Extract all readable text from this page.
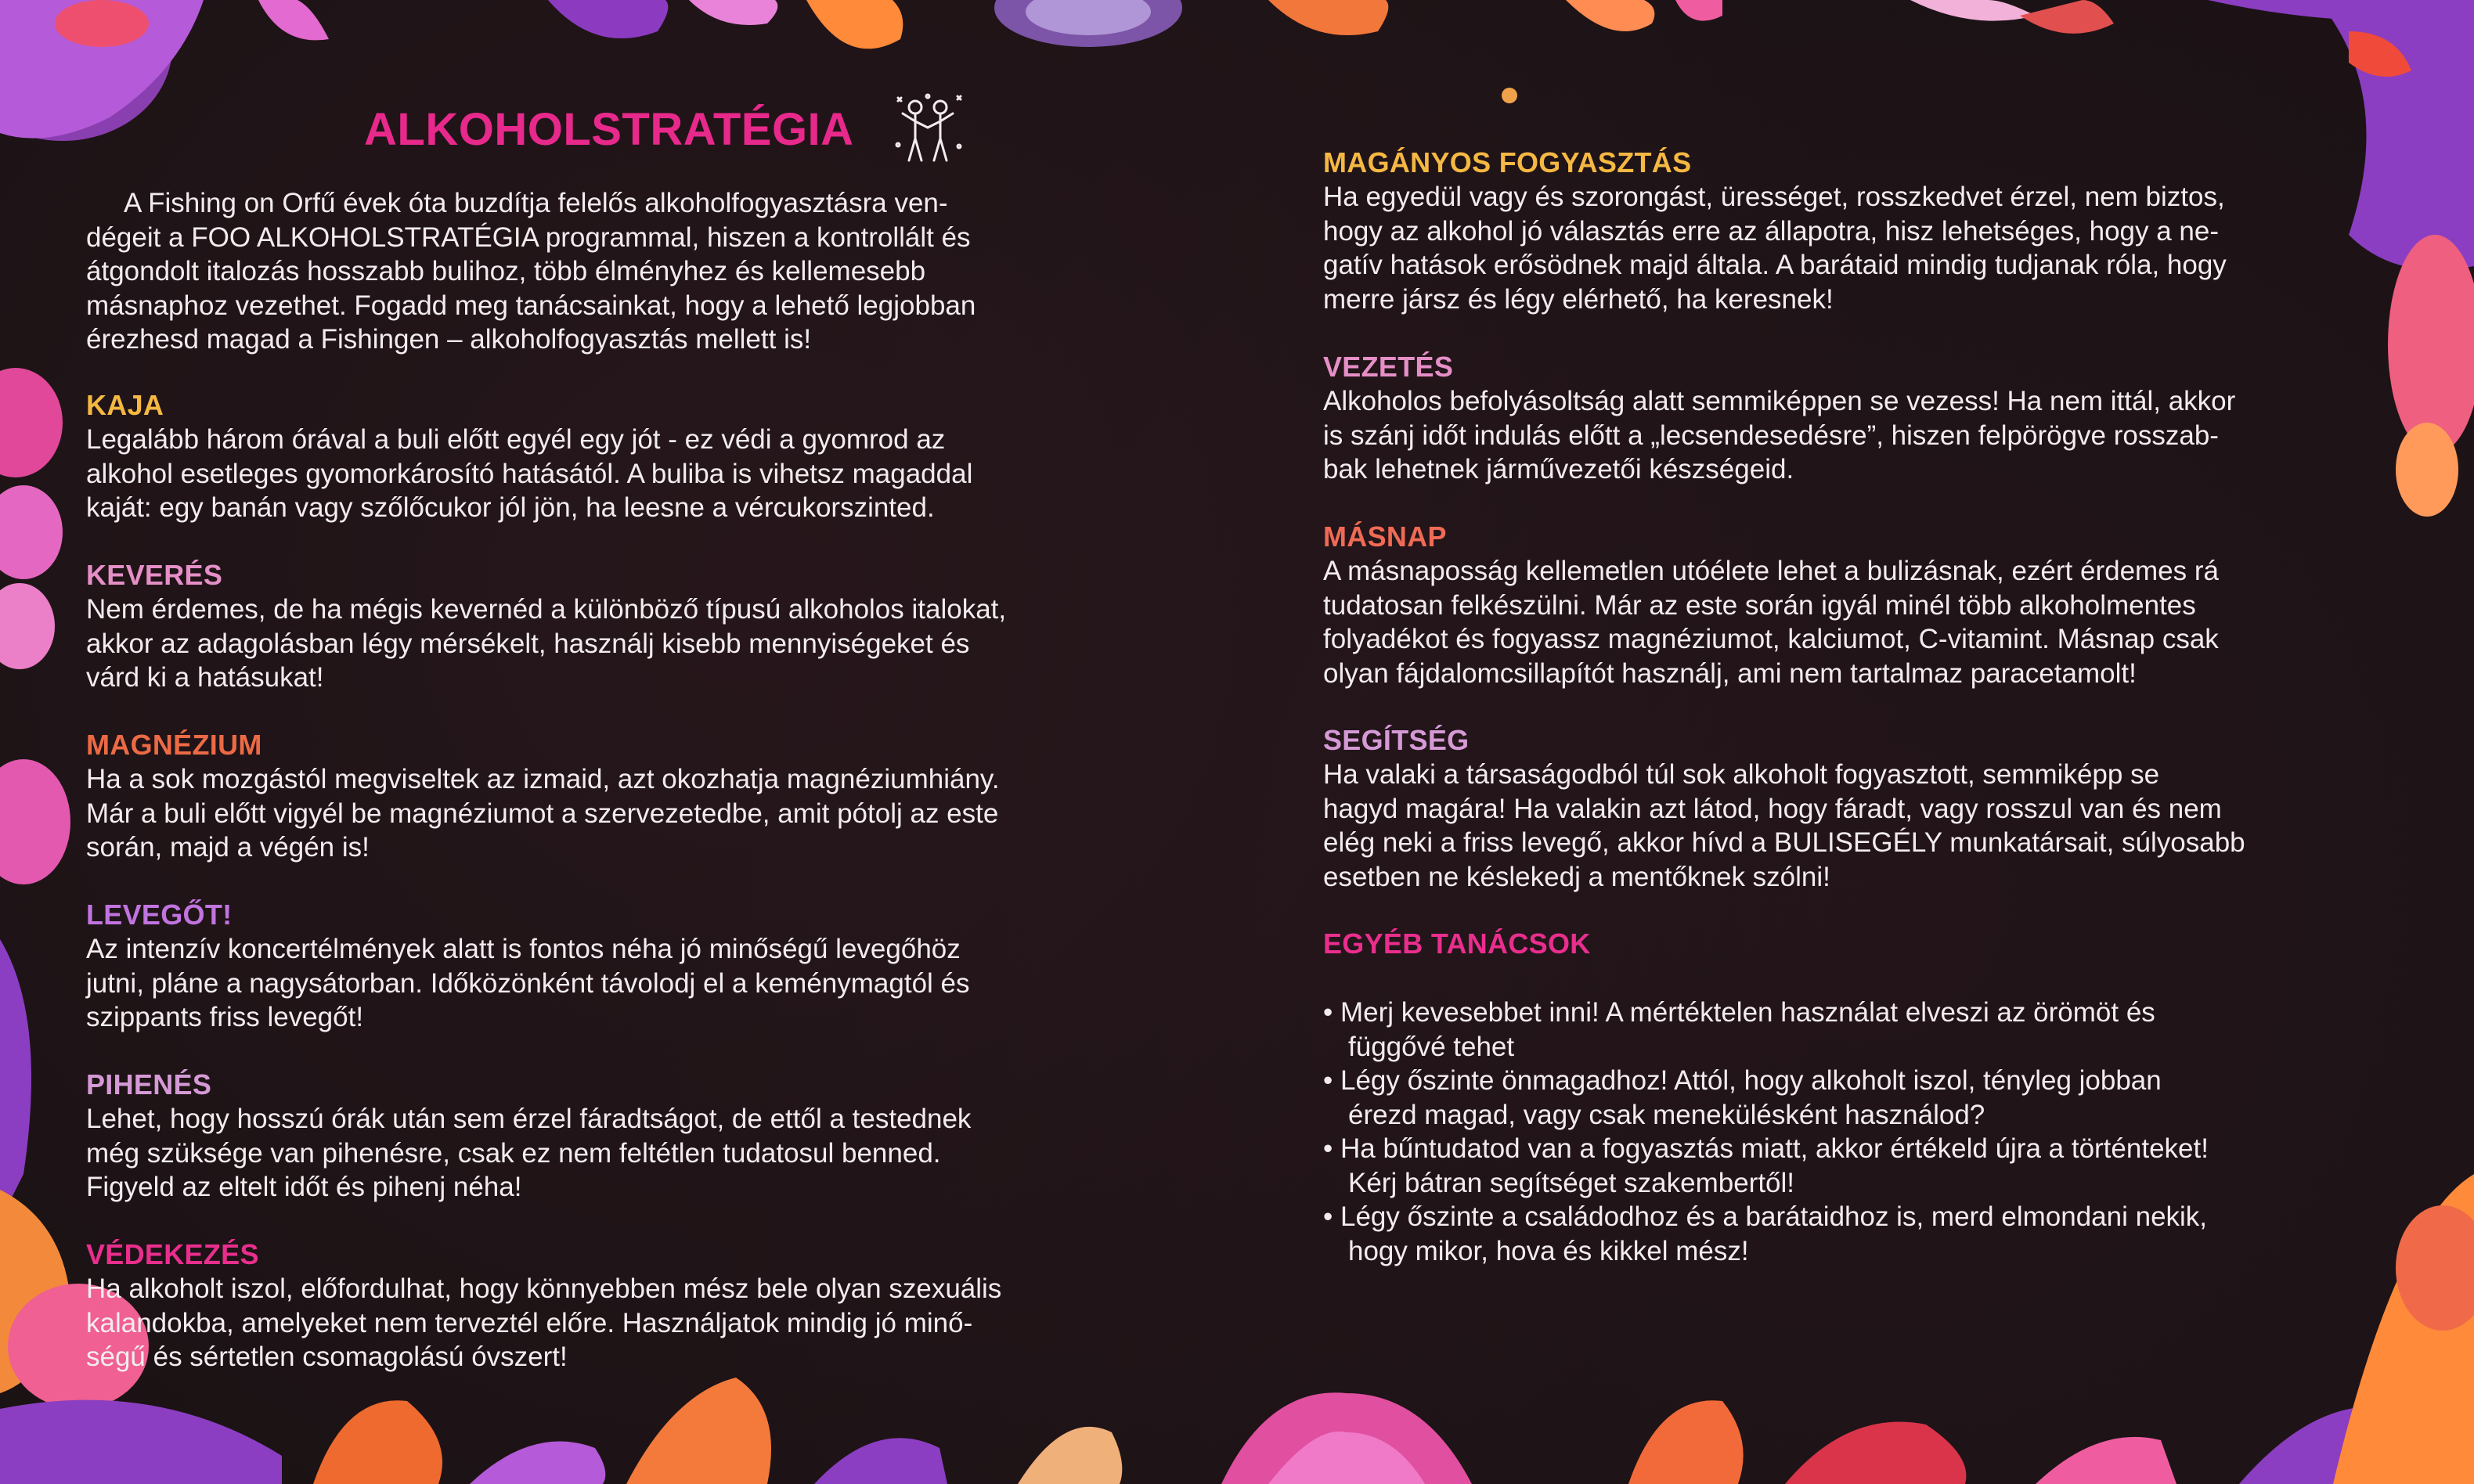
ALKOHOLSTRATÉGIA
A Fishing on Orfű évek óta buzdítja felelős alkoholfogyasztásra ven-
dégeit a FOO ALKOHOLSTRATÉGIA programmal, hiszen a kontrollált és
átgondolt italozás hosszabb bulihoz, több élményhez és kellemesebb
másnaphoz vezethet. Fogadd meg tanácsainkat, hogy a lehető legjobban
érezhesd magad a Fishingen – alkoholfogyasztás mellett is!
KAJA

Legalább három órával a buli előtt egyél egy jót - ez védi a gyomrod az

alkohol esetleges gyomorkárosító hatásától. A buliba is vihetsz magaddal

kaját: egy banán vagy szőlőcukor jól jön, ha leesne a vércukorszinted.

KEVERÉS

Nem érdemes, de ha mégis kevernéd a különböző típusú alkoholos italokat,

akkor az adagolásban légy mérsékelt, használj kisebb mennyiségeket és

várd ki a hatásukat!

MAGNÉZIUM

Ha a sok mozgástól megviseltek az izmaid, azt okozhatja magnéziumhiány.

Már a buli előtt vigyél be magnéziumot a szervezetedbe, amit pótolj az este

során, majd a végén is!

LEVEGŐT!

Az intenzív koncertélmények alatt is fontos néha jó minőségű levegőhöz

jutni, pláne a nagysátorban. Időközönként távolodj el a keménymagtól és

szippants friss levegőt!

PIHENÉS

Lehet, hogy hosszú órák után sem érzel fáradtságot, de ettől a testednek

még szüksége van pihenésre, csak ez nem feltétlen tudatosul benned.

Figyeld az eltelt időt és pihenj néha!

VÉDEKEZÉS

Ha alkoholt iszol, előfordulhat, hogy könnyebben mész bele olyan szexuális

kalandokba, amelyeket nem terveztél előre. Használjatok mindig jó minő-

ségű és sértetlen csomagolású óvszert!

MAGÁNYOS FOGYASZTÁS

Ha egyedül vagy és szorongást, ürességet, rosszkedvet érzel, nem biztos,

hogy az alkohol jó választás erre az állapotra, hisz lehetséges, hogy a ne-

gatív hatások erősödnek majd általa. A barátaid mindig tudjanak róla, hogy

merre jársz és légy elérhető, ha keresnek!

VEZETÉS

Alkoholos befolyásoltság alatt semmiképpen se vezess! Ha nem ittál, akkor

is szánj időt indulás előtt a „lecsendesedésre”, hiszen felpörögve rosszab-

bak lehetnek járművezetői készségeid.

MÁSNAP

A másnaposság kellemetlen utóélete lehet a bulizásnak, ezért érdemes rá

tudatosan felkészülni. Már az este során igyál minél több alkoholmentes

folyadékot és fogyassz magnéziumot, kalciumot, C-vitamint. Másnap csak

olyan fájdalomcsillapítót használj, ami nem tartalmaz paracetamolt!

SEGÍTSÉG

Ha valaki a társaságodból túl sok alkoholt fogyasztott, semmiképp se

hagyd magára! Ha valakin azt látod, hogy fáradt, vagy rosszul van és nem

elég neki a friss levegő, akkor hívd a BULISEGÉLY munkatársait, súlyosabb

esetben ne késlekedj a mentőknek szólni!

EGYÉB TANÁCSOK
• Merj kevesebbet inni! A mértéktelen használat elveszi az örömöt és
függővé tehet
• Légy őszinte önmagadhoz! Attól, hogy alkoholt iszol, tényleg jobban
érezd magad, vagy csak menekülésként használod?
• Ha bűntudatod van a fogyasztás miatt, akkor értékeld újra a történteket!
Kérj bátran segítséget szakembertől!
• Légy őszinte a családodhoz és a barátaidhoz is, merd elmondani nekik,
hogy mikor, hova és kikkel mész!
